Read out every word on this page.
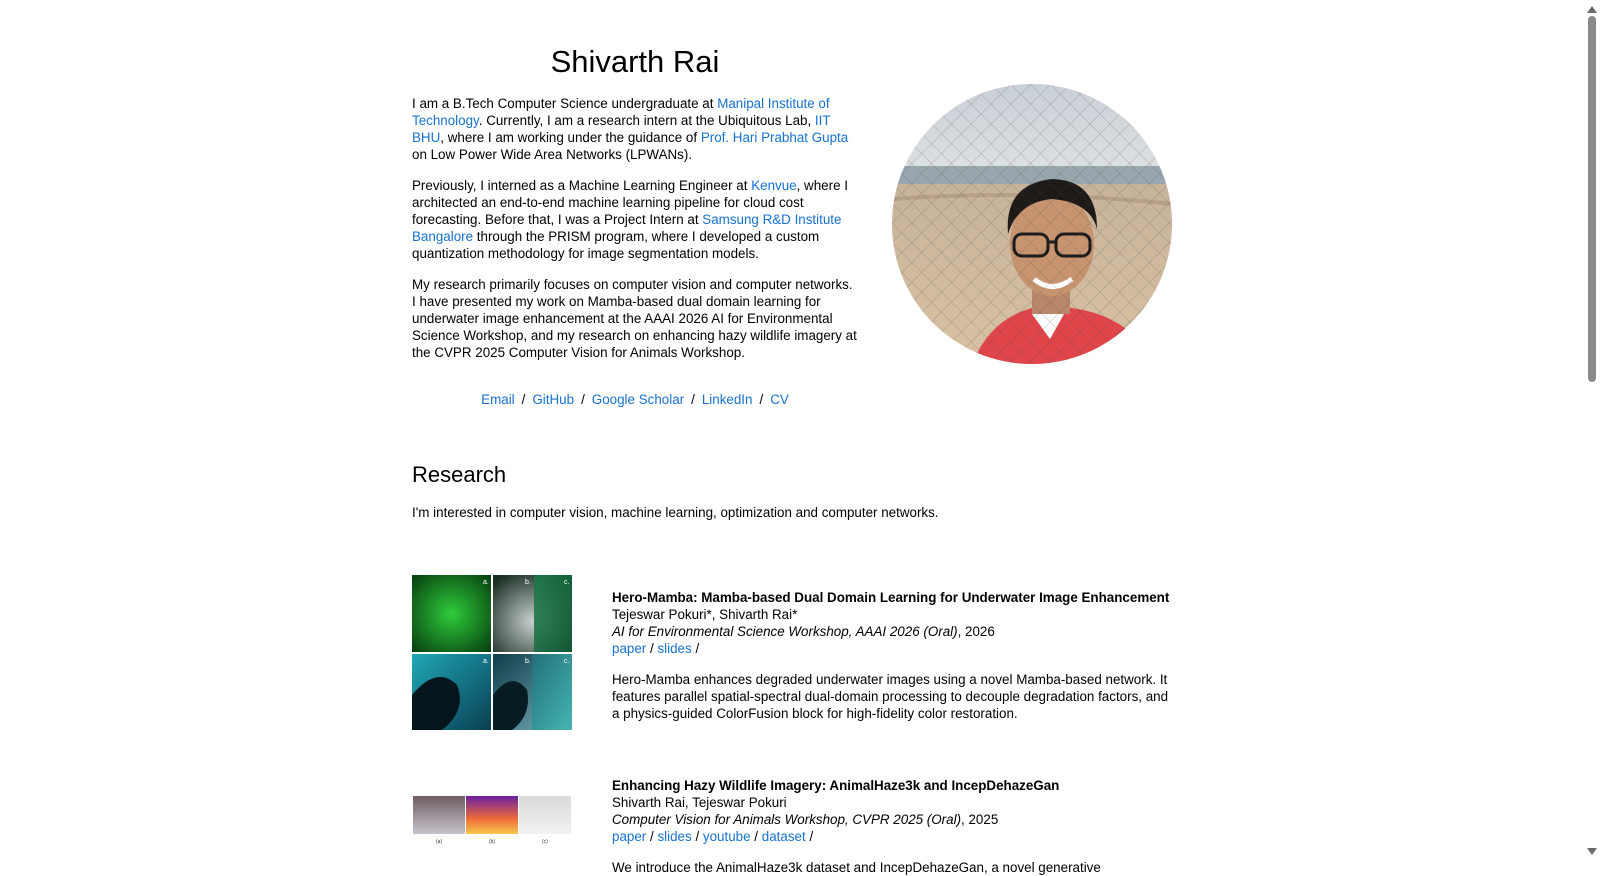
Shivarth Rai

I am a B.Tech Computer Science undergraduate at Manipal Institute of Technology. Currently, I am a research intern at the Ubiquitous Lab, IIT BHU, where I am working under the guidance of Prof. Hari Prabhat Gupta on Low Power Wide Area Networks (LPWANs).

Previously, I interned as a Machine Learning Engineer at Kenvue, where I architected an end-to-end machine learning pipeline for cloud cost forecasting. Before that, I was a Project Intern at Samsung R&D Institute Bangalore through the PRISM program, where I developed a custom quantization methodology for image segmentation models.

My research primarily focuses on computer vision and computer networks. I have presented my work on Mamba-based dual domain learning for underwater image enhancement at the AAAI 2026 AI for Environmental Science Workshop, and my research on enhancing hazy wildlife imagery at the CVPR 2025 Computer Vision for Animals Workshop.

Email / GitHub / Google Scholar / LinkedIn / CV
Research
I'm interested in computer vision, machine learning, optimization and computer networks.
a.	b.	c.
a.	b.	c.
Hero-Mamba: Mamba-based Dual Domain Learning for Underwater Image Enhancement
Tejeswar Pokuri*, Shivarth Rai*
AI for Environmental Science Workshop, AAAI 2026 (Oral), 2026
paper / slides /
Hero-Mamba enhances degraded underwater images using a novel Mamba-based network. It features parallel spatial-spectral dual-domain processing to decouple degradation factors, and a physics-guided ColorFusion block for high-fidelity color restoration.
(a)	(b)	(c)
Enhancing Hazy Wildlife Imagery: AnimalHaze3k and IncepDehazeGan
Shivarth Rai, Tejeswar Pokuri
Computer Vision for Animals Workshop, CVPR 2025 (Oral), 2025
paper / slides / youtube / dataset /
We introduce the AnimalHaze3k dataset and IncepDehazeGan, a novel generative
